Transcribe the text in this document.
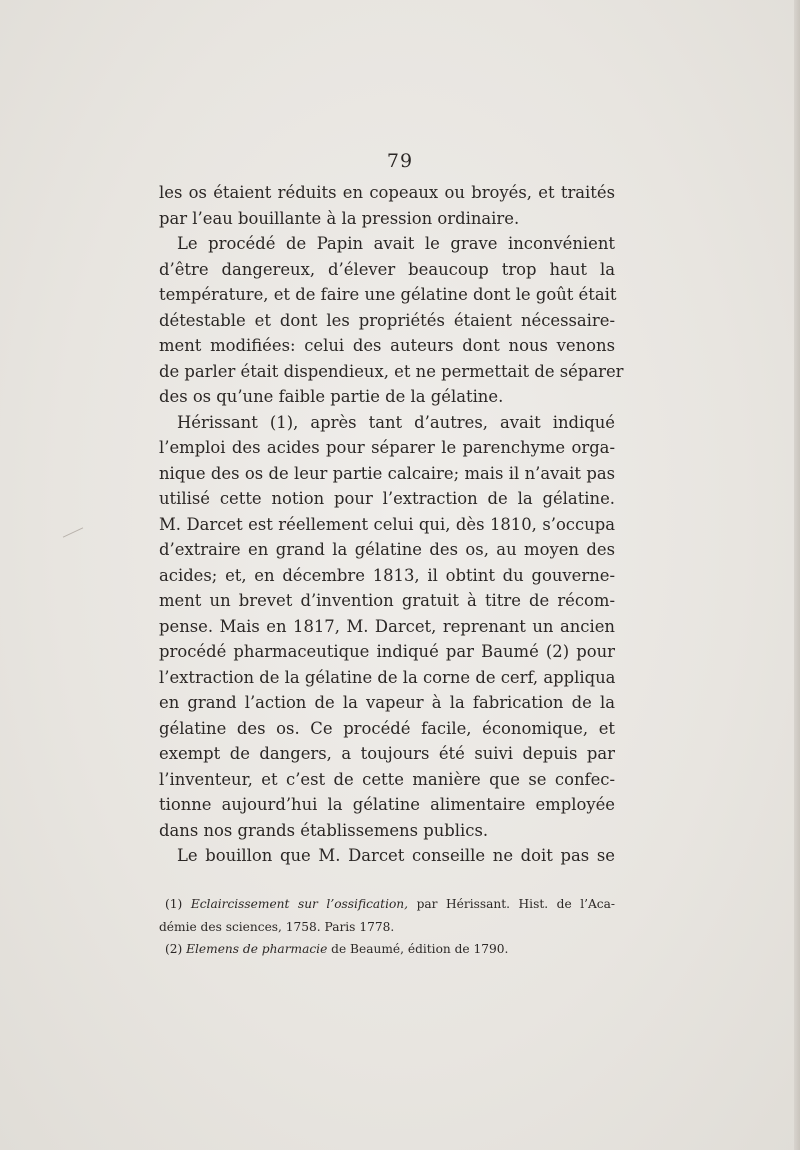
79
les os étaient réduits en copeaux ou broyés, et traités
par l’eau bouillante à la pression ordinaire.
Le procédé de Papin avait le grave inconvénient
d’être dangereux, d’élever beaucoup trop haut la
température, et de faire une gélatine dont le goût était
détestable et dont les propriétés étaient nécessaire-
ment modifiées: celui des auteurs dont nous venons
de parler était dispendieux, et ne permettait de séparer
des os qu’une faible partie de la gélatine.
Hérissant (1), après tant d’autres, avait indiqué
l’emploi des acides pour séparer le parenchyme orga-
nique des os de leur partie calcaire; mais il n’avait pas
utilisé cette notion pour l’extraction de la gélatine.
M. Darcet est réellement celui qui, dès 1810, s’occupa
d’extraire en grand la gélatine des os, au moyen des
acides; et, en décembre 1813, il obtint du gouverne-
ment un brevet d’invention gratuit à titre de récom-
pense. Mais en 1817, M. Darcet, reprenant un ancien
procédé pharmaceutique indiqué par Baumé (2) pour
l’extraction de la gélatine de la corne de cerf, appliqua
en grand l’action de la vapeur à la fabrication de la
gélatine des os. Ce procédé facile, économique, et
exempt de dangers, a toujours été suivi depuis par
l’inventeur, et c’est de cette manière que se confec-
tionne aujourd’hui la gélatine alimentaire employée
dans nos grands établissemens publics.
Le bouillon que M. Darcet conseille ne doit pas se
(1) Eclaircissement sur l’ossification, par Hérissant. Hist. de l’Aca-
démie des sciences, 1758. Paris 1778.
(2) Elemens de pharmacie de Beaumé, édition de 1790.
